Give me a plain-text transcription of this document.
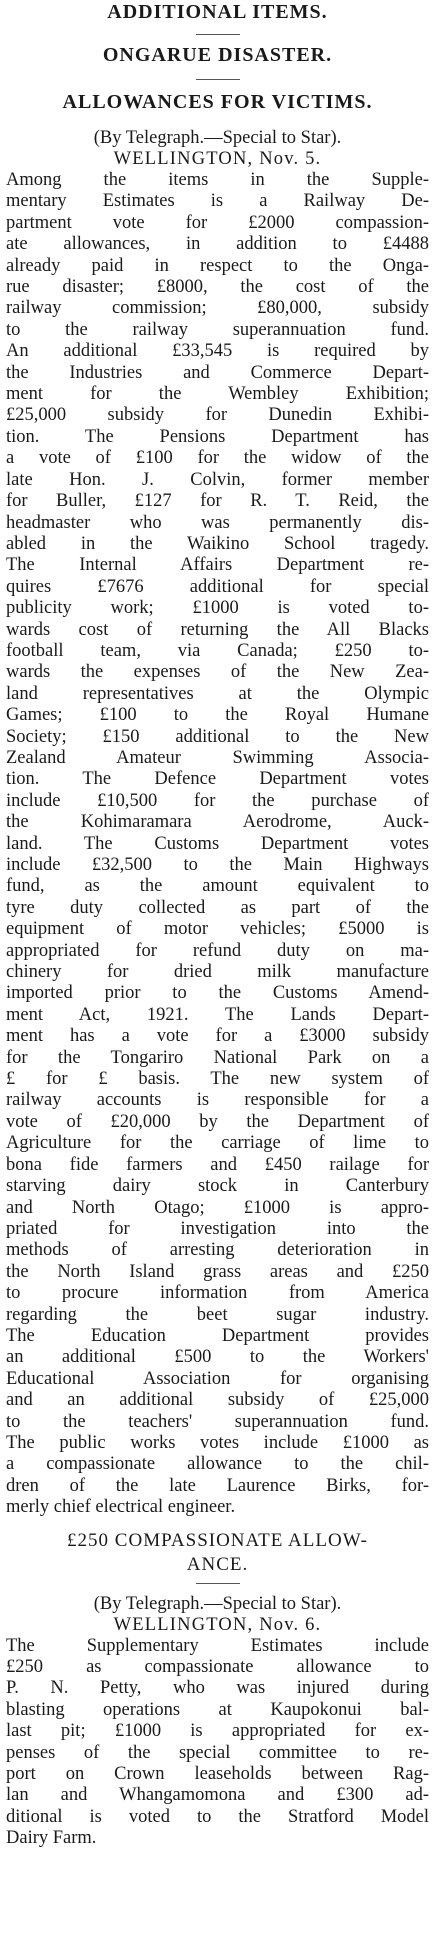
ADDITIONAL ITEMS.
ONGARUE DISASTER.
ALLOWANCES FOR VICTIMS.
(By Telegraph.—Special to Star).
WELLINGTON, Nov. 5.
Among the items in the Supple-
mentary Estimates is a Railway De-
partment vote for £2000 compassion-
ate allowances, in addition to £4488
already paid in respect to the Onga-
rue disaster; £8000, the cost of the
railway commission; £80,000, subsidy
to the railway superannuation fund.
An additional £33,545 is required by
the Industries and Commerce Depart-
ment for the Wembley Exhibition;
£25,000 subsidy for Dunedin Exhibi-
tion. The Pensions Department has
a vote of £100 for the widow of the
late Hon. J. Colvin, former member
for Buller, £127 for R. T. Reid, the
headmaster who was permanently dis-
abled in the Waikino School tragedy.
The Internal Affairs Department re-
quires £7676 additional for special
publicity work; £1000 is voted to-
wards cost of returning the All Blacks
football team, via Canada; £250 to-
wards the expenses of the New Zea-
land representatives at the Olympic
Games; £100 to the Royal Humane
Society; £150 additional to the New
Zealand Amateur Swimming Associa-
tion. The Defence Department votes
include £10,500 for the purchase of
the Kohimaramara Aerodrome, Auck-
land. The Customs Department votes
include £32,500 to the Main Highways
fund, as the amount equivalent to
tyre duty collected as part of the
equipment of motor vehicles; £5000 is
appropriated for refund duty on ma-
chinery for dried milk manufacture
imported prior to the Customs Amend-
ment Act, 1921. The Lands Depart-
ment has a vote for a £3000 subsidy
for the Tongariro National Park on a
£ for £ basis. The new system of
railway accounts is responsible for a
vote of £20,000 by the Department of
Agriculture for the carriage of lime to
bona fide farmers and £450 railage for
starving dairy stock in Canterbury
and North Otago; £1000 is appro-
priated for investigation into the
methods of arresting deterioration in
the North Island grass areas and £250
to procure information from America
regarding the beet sugar industry.
The Education Department provides
an additional £500 to the Workers'
Educational Association for organising
and an additional subsidy of £25,000
to the teachers' superannuation fund.
The public works votes include £1000 as
a compassionate allowance to the chil-
dren of the late Laurence Birks, for-
merly chief electrical engineer.
£250 COMPASSIONATE ALLOW-
ANCE.
(By Telegraph.—Special to Star).
WELLINGTON, Nov. 6.
The Supplementary Estimates include
£250 as compassionate allowance to
P. N. Petty, who was injured during
blasting operations at Kaupokonui bal-
last pit; £1000 is appropriated for ex-
penses of the special committee to re-
port on Crown leaseholds between Rag-
lan and Whangamomona and £300 ad-
ditional is voted to the Stratford Model
Dairy Farm.
